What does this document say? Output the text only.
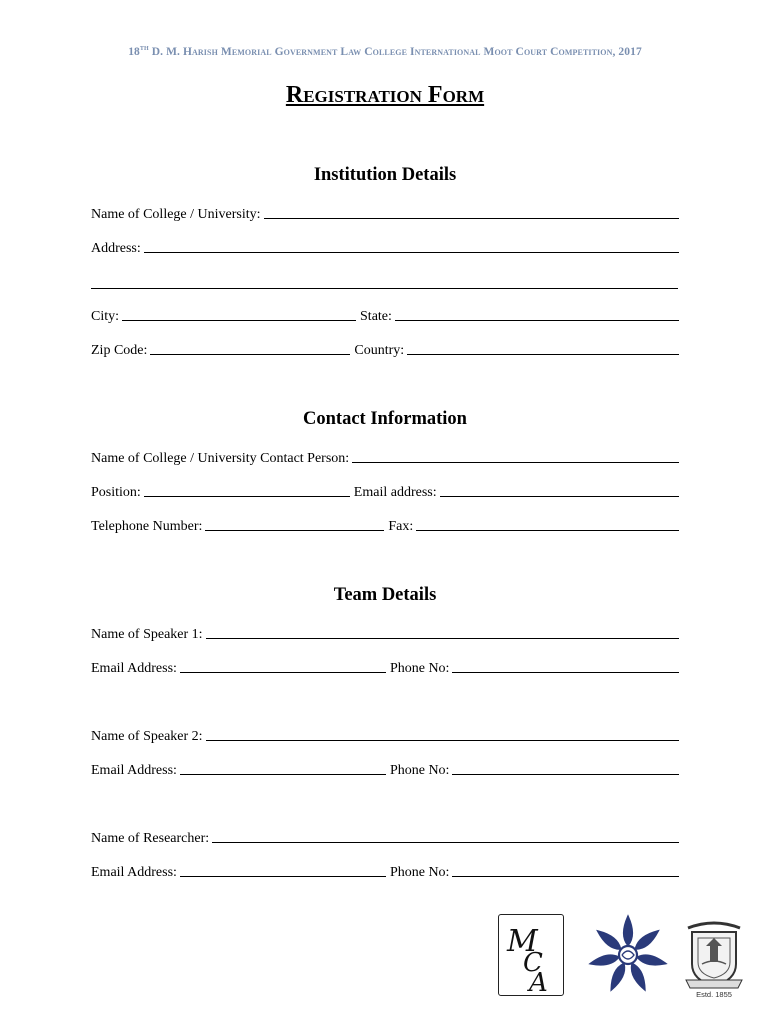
18TH D. M. Harish Memorial Government Law College International Moot Court Competition, 2017
Registration Form
Institution Details
Name of College / University:
Address:
City:	State:
Zip Code:	Country:
Contact Information
Name of College / University Contact Person:
Position:	Email address:
Telephone Number:	Fax:
Team Details
Name of Speaker 1:
Email Address:	Phone No:
Name of Speaker 2:
Email Address:	Phone No:
Name of Researcher:
Email Address:	Phone No:
M
C
A	Estd. 1855
